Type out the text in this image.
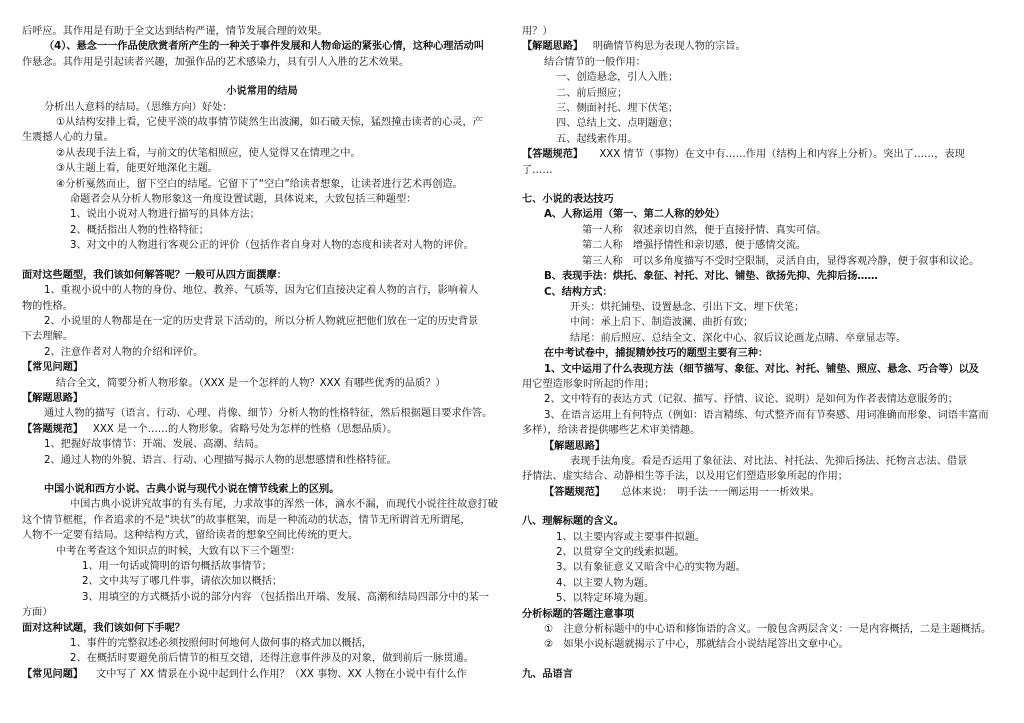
后呼应。其作用是有助于全文达到结构严谨，情节发展合理的效果。

（4）、悬念一一作品使欣赏者所产生的一种关于事件发展和人物命运的紧张心情，这种心理活动叫

作悬念。其作用是引起读者兴趣，加强作品的艺术感染力，具有引人入胜的艺术效果。

小说常用的结局

分析出人意料的结局。（思维方向）好处：

①从结构安排上看，它使平淡的故事情节陡然生出波澜，如石破天惊，猛烈撞击读者的心灵，产

生震撼人心的力量。

②从表现手法上看，与前文的伏笔相照应，使人觉得又在情理之中。

③从主题上看，能更好地深化主题。

④分析戛然而止，留下空白的结尾。它留下了“空白”给读者想象，让读者进行艺术再创造。

命题者会从分析人物形象这一角度设置试题，具体说来，大致包括三种题型：

1、说出小说对人物进行描写的具体方法；

2、概括指出人物的性格特征；

3、对文中的人物进行客观公正的评价（包括作者自身对人物的态度和读者对人物的评价。

面对这些题型，我们该如何解答呢？一般可从四方面撰摩：

1、重视小说中的人物的身份、地位、教养、气质等，因为它们直接决定着人物的言行，影响着人

物的性格。

2、小说里的人物都是在一定的历史背景下活动的，所以分析人物就应把他们放在一定的历史背景

下去理解。

2、注意作者对人物的介绍和评价。

【常见问题】

结合全文，简要分析人物形象。（XXX 是一个怎样的人物？XXX 有哪些优秀的品质？）

【解题思路】

通过人物的描写（语言、行动、心理、肖像、细节）分析人物的性格特征，然后根据题目要求作答。

【答题规范】 XXX 是一个……的人物形象。省略号处为怎样的性格（思想品质）。

1、把握好故事情节：开端、发展、高潮、结局。

2、通过人物的外貌、语言、行动、心理描写揭示人物的思想感情和性格特征。

中国小说和西方小说、古典小说与现代小说在情节线索上的区别。

中国古典小说讲究故事的有头有尾，力求故事的浑然一体，滴水不漏，而现代小说往往故意打破

这个情节框框，作者追求的不是“块状”的故事框架，而是一种流动的状态，情节无所谓首无所谓尾，

人物不一定要有结局。这种结构方式，留给读者的想象空间比传统的更大。

中考在考查这个知识点的时候，大致有以下三个题型：

1、用一句话或简明的语句概括故事情节；

2、文中共写了哪几件事，请依次加以概括；

3、用填空的方式概括小说的部分内容 （包括指出开端、发展、高潮和结局四部分中的某一

方面）

面对这种试题，我们该如何下手呢？

1、事件的完整叙述必须按照何时何地何人做何事的格式加以概括，

2、在概括时要避免前后情节的相互交错，还得注意事件涉及的对象，做到前后一脉贯通。

【常见问题】 文中写了 XX 情景在小说中起到什么作用？（XX 事物、XX 人物在小说中有什么作

用？）

【解题思路】 明确情节构思为表现人物的宗旨。

结合情节的一般作用：

一、创造悬念，引人入胜；

二、前后照应；

三、侧面衬托、埋下伏笔；

四、总结上文、点明题意；

五、起线索作用。

【答题规范】 XXX 情节（事物）在文中有……作用（结构上和内容上分析）。突出了……，表现

了……

七、小说的表达技巧

A、人称运用（第一、第二人称的妙处）

第一人称　叙述亲切自然，便于直接抒情、真实可信。

第二人称　增强抒情性和亲切感，便于感情交流。

第三人称　可以多角度描写不受时空限制，灵活自由，显得客观冷静，便于叙事和议论。

B、表现手法：烘托、象征、衬托、对比、铺垫、欲扬先抑、先抑后扬……

C、结构方式：

开头：烘托铺垫、设置悬念、引出下文、埋下伏笔；

中间：承上启下、制造波澜、曲折有致；

结尾：前后照应、总结全文、深化中心、叙后议论画龙点睛、卒章显志等。

在中考试卷中，捕捉精妙技巧的题型主要有三种：

1、文中运用了什么表现方法（细节描写、象征、对比、衬托、铺垫、照应、悬念、巧合等）以及

用它塑造形象时所起的作用；

2、文中特有的表达方式（记叙、描写、抒情、议论、说明）是如何为作者表情达意服务的；

3、在语言运用上有何特点（例如：语言精练、句式整齐而有节奏感、用词准确而形象、词语丰富而

多样），给读者提供哪些艺术审美情趣。

【解题思路】

表现手法角度。看是否运用了象征法、对比法、衬托法、先抑后扬法、托物言志法、借景

抒情法、虚实结合、动静相生等手法，以及用它们塑造形象所起的作用；

【答题规范】 总体来说：　明手法一一阐运用一一析效果。

八、理解标题的含义。

1、以主要内容或主要事件拟题。

2、以贯穿全文的线索拟题。

3、以有象征意义又暗含中心的实物为题。

4、以主要人物为题。

5、以特定环境为题。

分析标题的答题注意事项

①　注意分析标题中的中心语和修饰语的含义。一般包含两层含义：一是内容概括，二是主题概括。

②　如果小说标题就揭示了中心，那就结合小说结尾答出文章中心。

九、品语言
